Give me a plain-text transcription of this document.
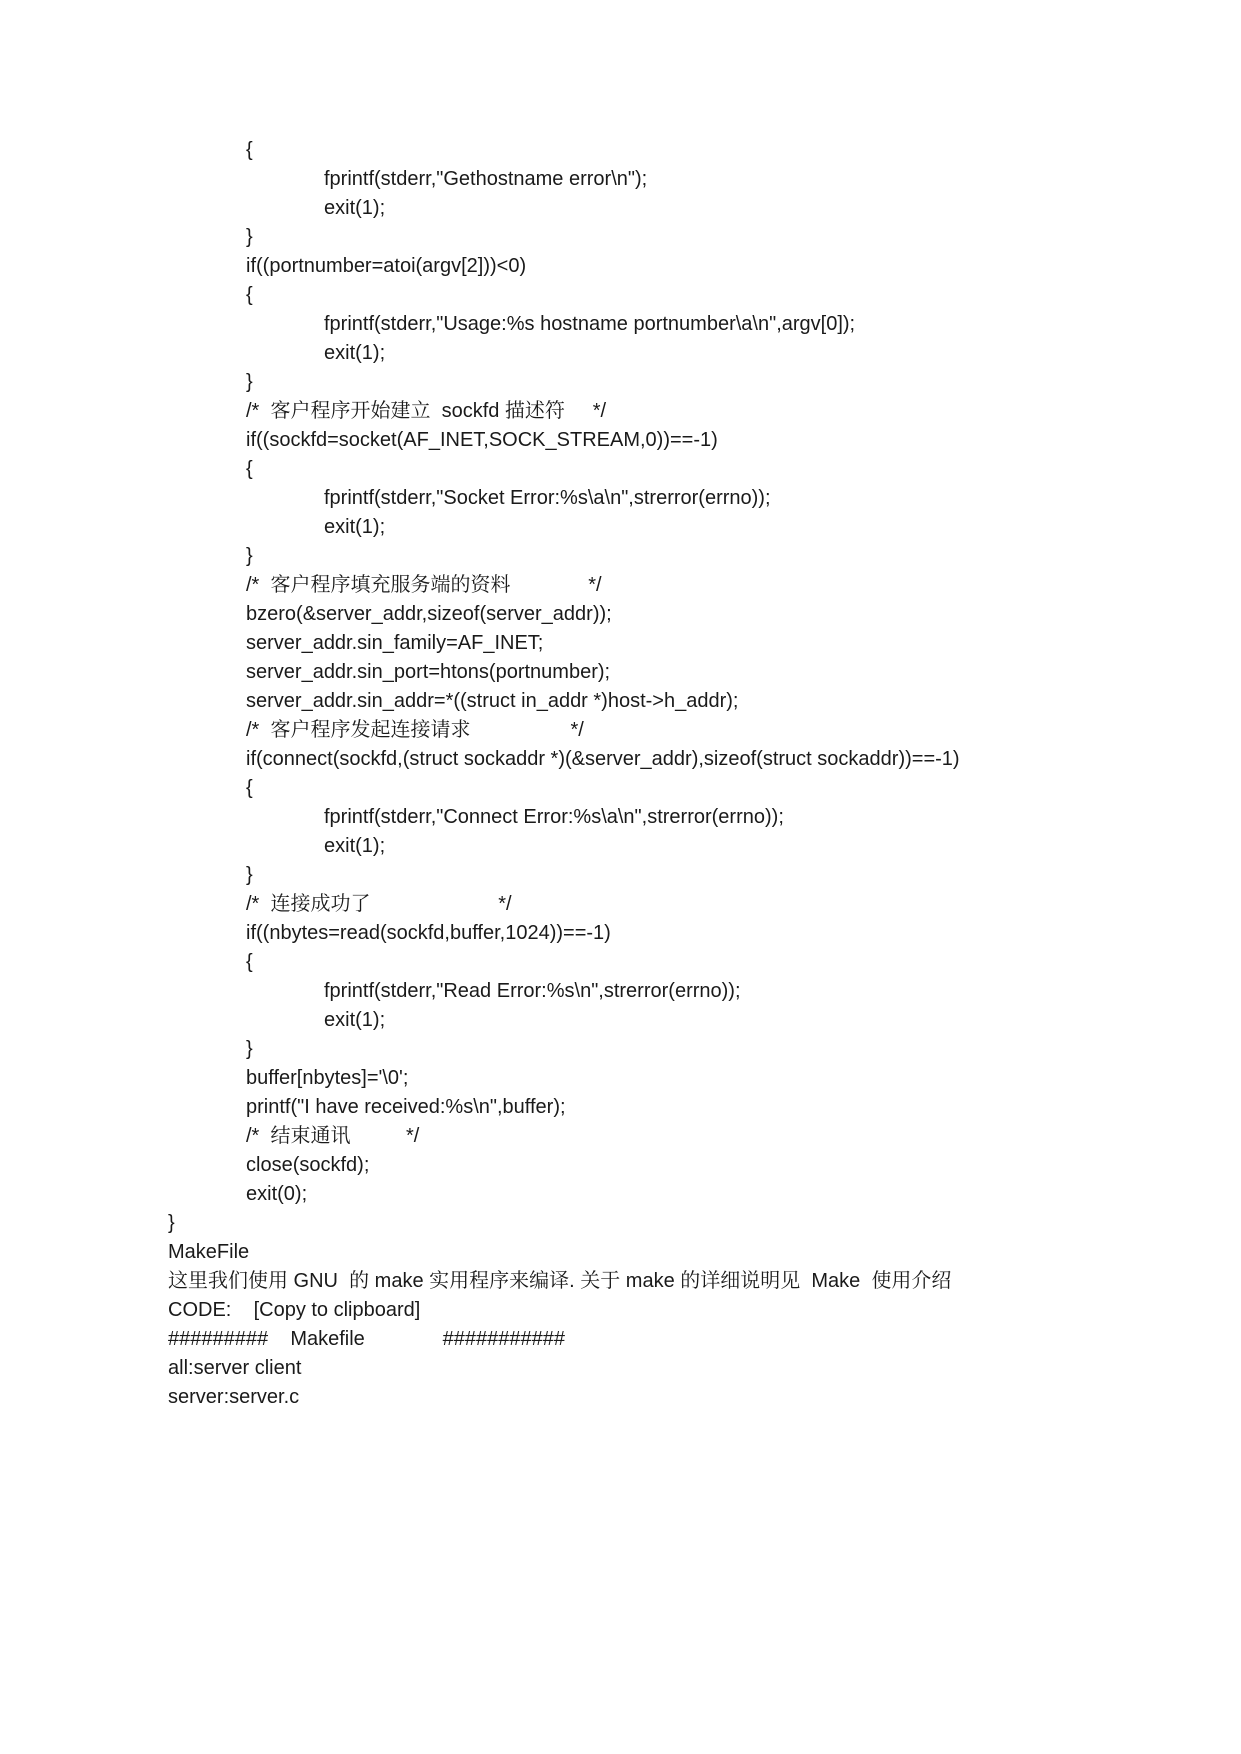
{
fprintf(stderr,"Gethostname error\n");
exit(1);
}
if((portnumber=atoi(argv[2]))<0)
{
fprintf(stderr,"Usage:%s hostname portnumber\a\n",argv[0]);
exit(1);
}
/*  客户程序开始建立  sockfd 描述符     */
if((sockfd=socket(AF_INET,SOCK_STREAM,0))==-1)
{
fprintf(stderr,"Socket Error:%s\a\n",strerror(errno));
exit(1);
}
/*  客户程序填充服务端的资料              */
bzero(&server_addr,sizeof(server_addr));
server_addr.sin_family=AF_INET;
server_addr.sin_port=htons(portnumber);
server_addr.sin_addr=*((struct in_addr *)host->h_addr);
/*  客户程序发起连接请求                  */
if(connect(sockfd,(struct sockaddr *)(&server_addr),sizeof(struct sockaddr))==-1)
{
fprintf(stderr,"Connect Error:%s\a\n",strerror(errno));
exit(1);
}
/*  连接成功了                       */
if((nbytes=read(sockfd,buffer,1024))==-1)
{
fprintf(stderr,"Read Error:%s\n",strerror(errno));
exit(1);
}
buffer[nbytes]='\0';
printf("I have received:%s\n",buffer);
/*  结束通讯          */
close(sockfd);
exit(0);
}
MakeFile
这里我们使用 GNU  的 make 实用程序来编译. 关于 make 的详细说明见  Make  使用介绍
CODE:    [Copy to clipboard]
#########    Makefile              ###########
all:server client
server:server.c
